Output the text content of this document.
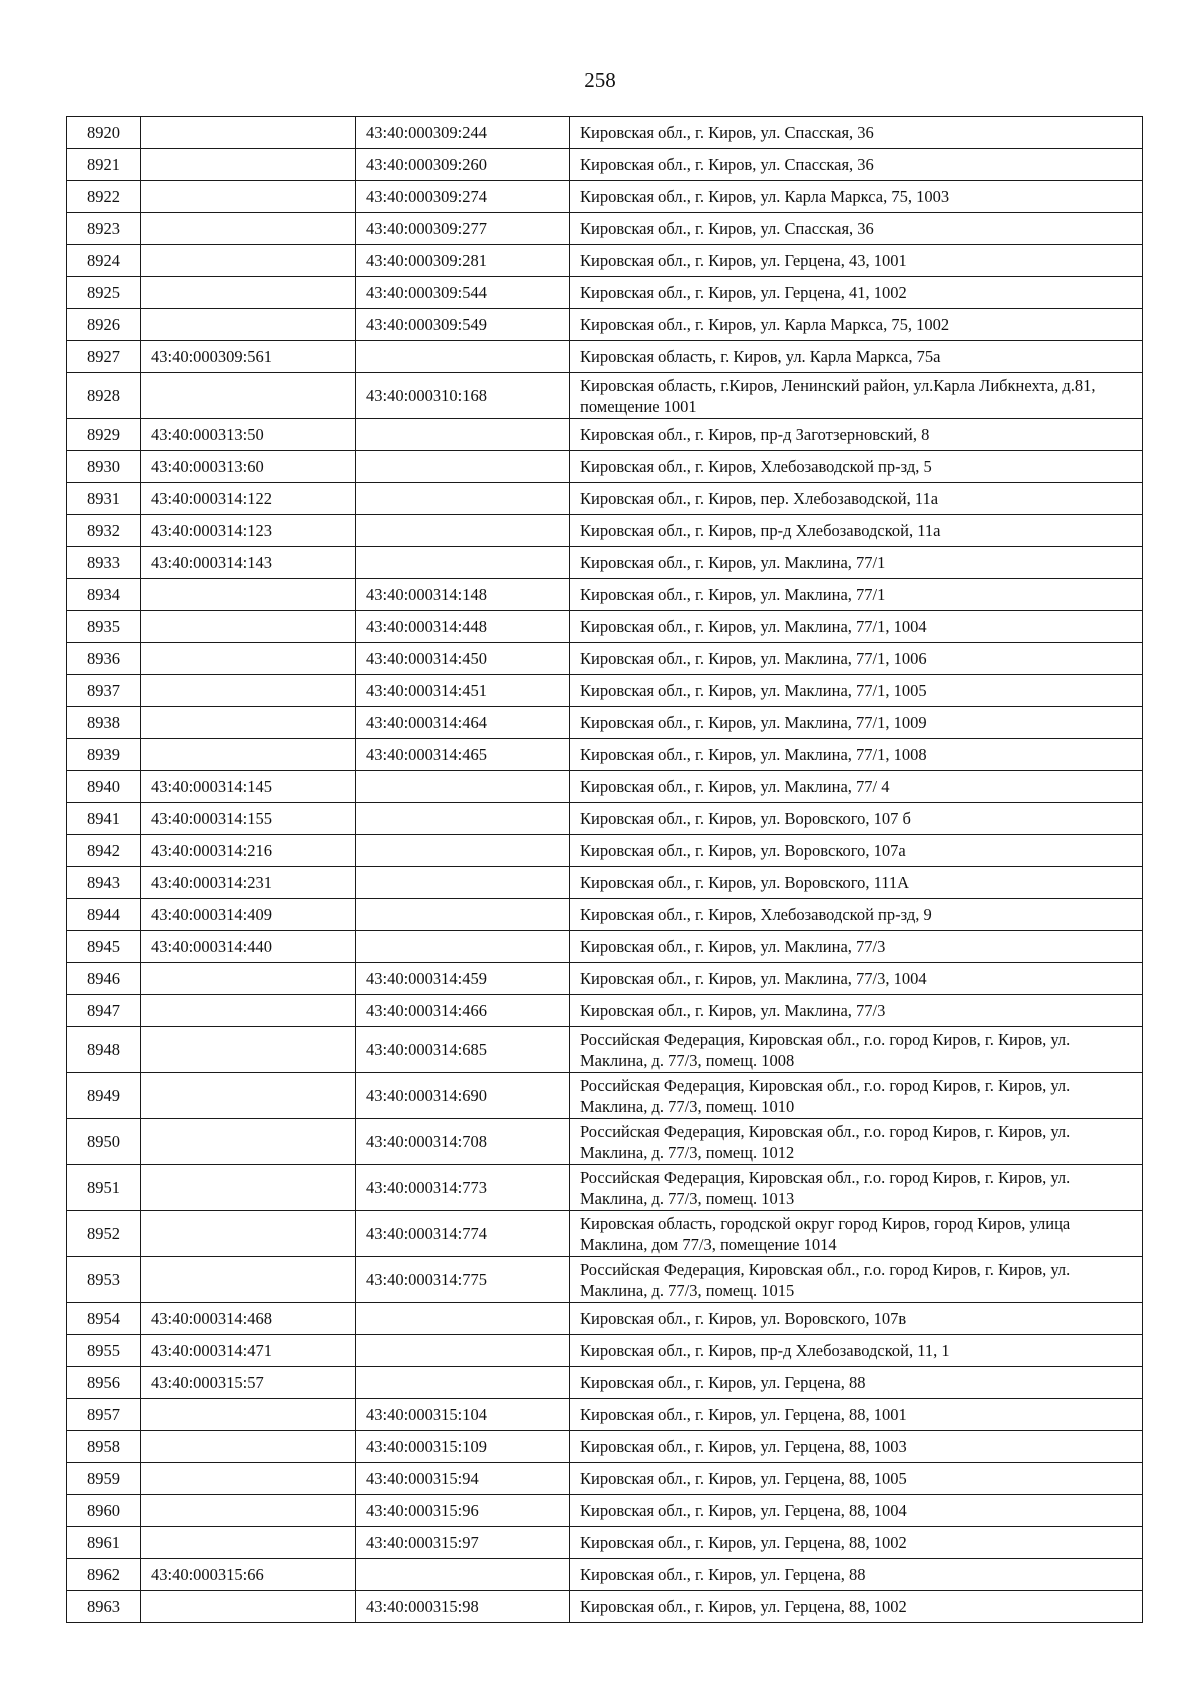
258
8920		43:40:000309:244	Кировская обл., г. Киров, ул. Спасская, 36
8921		43:40:000309:260	Кировская обл., г. Киров, ул. Спасская, 36
8922		43:40:000309:274	Кировская обл., г. Киров, ул. Карла Маркса, 75, 1003
8923		43:40:000309:277	Кировская обл., г. Киров, ул. Спасская, 36
8924		43:40:000309:281	Кировская обл., г. Киров, ул. Герцена, 43, 1001
8925		43:40:000309:544	Кировская обл., г. Киров, ул. Герцена, 41, 1002
8926		43:40:000309:549	Кировская обл., г. Киров, ул. Карла Маркса, 75, 1002
8927	43:40:000309:561		Кировская область, г. Киров, ул. Карла Маркса, 75а
8928		43:40:000310:168	Кировская область, г.Киров, Ленинский район, ул.Карла Либкнехта, д.81, помещение 1001
8929	43:40:000313:50		Кировская обл., г. Киров, пр-д Заготзерновский, 8
8930	43:40:000313:60		Кировская обл., г. Киров, Хлебозаводской пр-зд, 5
8931	43:40:000314:122		Кировская обл., г. Киров, пер. Хлебозаводской, 11а
8932	43:40:000314:123		Кировская обл., г. Киров, пр-д Хлебозаводской, 11а
8933	43:40:000314:143		Кировская обл., г. Киров, ул. Маклина, 77/1
8934		43:40:000314:148	Кировская обл., г. Киров, ул. Маклина, 77/1
8935		43:40:000314:448	Кировская обл., г. Киров, ул. Маклина, 77/1, 1004
8936		43:40:000314:450	Кировская обл., г. Киров, ул. Маклина, 77/1, 1006
8937		43:40:000314:451	Кировская обл., г. Киров, ул. Маклина, 77/1, 1005
8938		43:40:000314:464	Кировская обл., г. Киров, ул. Маклина, 77/1, 1009
8939		43:40:000314:465	Кировская обл., г. Киров, ул. Маклина, 77/1, 1008
8940	43:40:000314:145		Кировская обл., г. Киров, ул. Маклина, 77/ 4
8941	43:40:000314:155		Кировская обл., г. Киров, ул. Воровского, 107 б
8942	43:40:000314:216		Кировская обл., г. Киров, ул. Воровского, 107а
8943	43:40:000314:231		Кировская обл., г. Киров, ул. Воровского, 111А
8944	43:40:000314:409		Кировская обл., г. Киров, Хлебозаводской пр-зд, 9
8945	43:40:000314:440		Кировская обл., г. Киров, ул. Маклина, 77/3
8946		43:40:000314:459	Кировская обл., г. Киров, ул. Маклина, 77/3, 1004
8947		43:40:000314:466	Кировская обл., г. Киров, ул. Маклина, 77/3
8948		43:40:000314:685	Российская Федерация, Кировская обл., г.о. город Киров, г. Киров, ул. Маклина, д. 77/3, помещ. 1008
8949		43:40:000314:690	Российская Федерация, Кировская обл., г.о. город Киров, г. Киров, ул. Маклина, д. 77/3, помещ. 1010
8950		43:40:000314:708	Российская Федерация, Кировская обл., г.о. город Киров, г. Киров, ул. Маклина, д. 77/3, помещ. 1012
8951		43:40:000314:773	Российская Федерация, Кировская обл., г.о. город Киров, г. Киров, ул. Маклина, д. 77/3, помещ. 1013
8952		43:40:000314:774	Кировская область, городской округ город Киров, город Киров, улица Маклина, дом 77/3, помещение 1014
8953		43:40:000314:775	Российская Федерация, Кировская обл., г.о. город Киров, г. Киров, ул. Маклина, д. 77/3, помещ. 1015
8954	43:40:000314:468		Кировская обл., г. Киров, ул. Воровского, 107в
8955	43:40:000314:471		Кировская обл., г. Киров, пр-д Хлебозаводской, 11, 1
8956	43:40:000315:57		Кировская обл., г. Киров, ул. Герцена, 88
8957		43:40:000315:104	Кировская обл., г. Киров, ул. Герцена, 88, 1001
8958		43:40:000315:109	Кировская обл., г. Киров, ул. Герцена, 88, 1003
8959		43:40:000315:94	Кировская обл., г. Киров, ул. Герцена, 88, 1005
8960		43:40:000315:96	Кировская обл., г. Киров, ул. Герцена, 88, 1004
8961		43:40:000315:97	Кировская обл., г. Киров, ул. Герцена, 88, 1002
8962	43:40:000315:66		Кировская обл., г. Киров, ул. Герцена, 88
8963		43:40:000315:98	Кировская обл., г. Киров, ул. Герцена, 88, 1002
